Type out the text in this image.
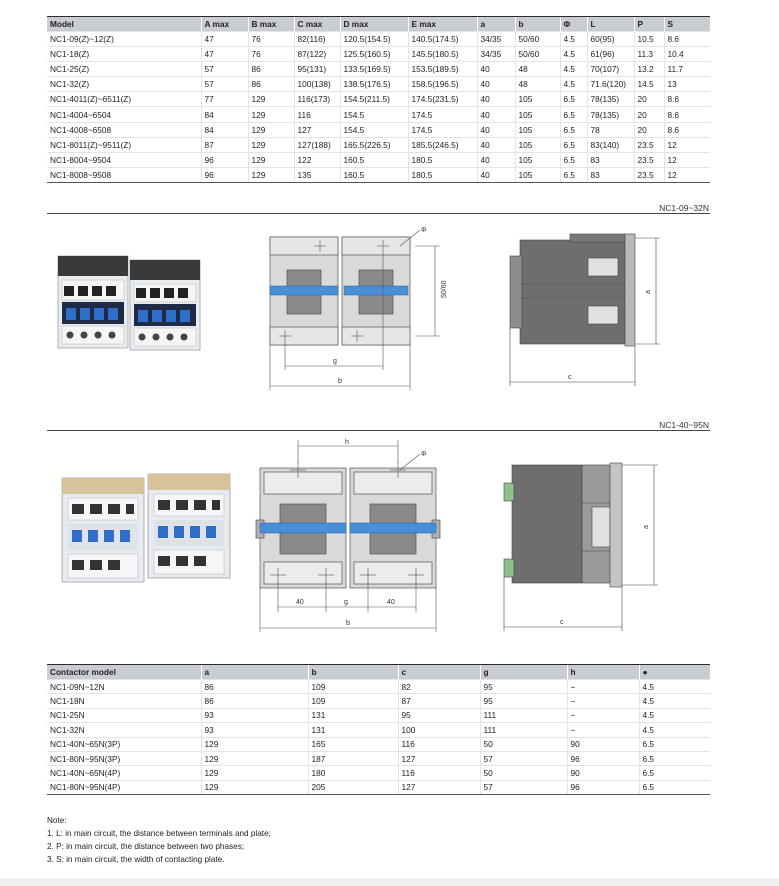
Model	A max	B max	C max	D max	E max	a	b	Φ	L	P	S
NC1-09(Z)~12(Z)	47	76	82(116)	120.5(154.5)	140.5(174.5)	34/35	50/60	4.5	60(95)	10.5	8.6
NC1-18(Z)	47	76	87(122)	125.5(160.5)	145.5(180.5)	34/35	50/60	4.5	61(96)	11.3	10.4
NC1-25(Z)	57	86	95(131)	133.5(169.5)	153.5(189.5)	40	48	4.5	70(107)	13.2	11.7
NC1-32(Z)	57	86	100(138)	138.5(176.5)	158.5(196.5)	40	48	4.5	71.6(120)	14.5	13
NC1-4011(Z)~6511(Z)	77	129	116(173)	154.5(211.5)	174.5(231.5)	40	105	6.5	78(135)	20	8.6
NC1-4004~6504	84	129	116	154.5	174.5	40	105	6.5	78(135)	20	8.6
NC1-4008~6508	84	129	127	154.5	174.5	40	105	6.5	78	20	8.6
NC1-8011(Z)~9511(Z)	87	129	127(188)	165.5(226.5)	185.5(246.5)	40	105	6.5	83(140)	23.5	12
NC1-8004~9504	96	129	122	160.5	180.5	40	105	6.5	83	23.5	12
NC1-8008~9508	96	129	135	160.5	180.5	40	105	6.5	83	23.5	12
NC1-09~32N
Φ
50/60
g
b
a
c
NC1-40~95N
h
Φ
40	g	40
b
a
c
Contactor model	a	b	c	g	h	●
NC1-09N~12N	86	109	82	95	−	4.5
NC1-18N	86	109	87	95	−	4.5
NC1-25N	93	131	95	111	−	4.5
NC1-32N	93	131	100	111	−	4.5
NC1-40N~65N(3P)	129	165	116	50	90	6.5
NC1-80N~95N(3P)	129	187	127	57	96	6.5
NC1-40N~65N(4P)	129	180	116	50	90	6.5
NC1-80N~95N(4P)	129	205	127	57	96	6.5
Note:
1. L: in main circuit, the distance between terminals and plate;
2. P: in main circuit, the distance between two phases;
3. S: in main circuit, the width of contacting plate.
